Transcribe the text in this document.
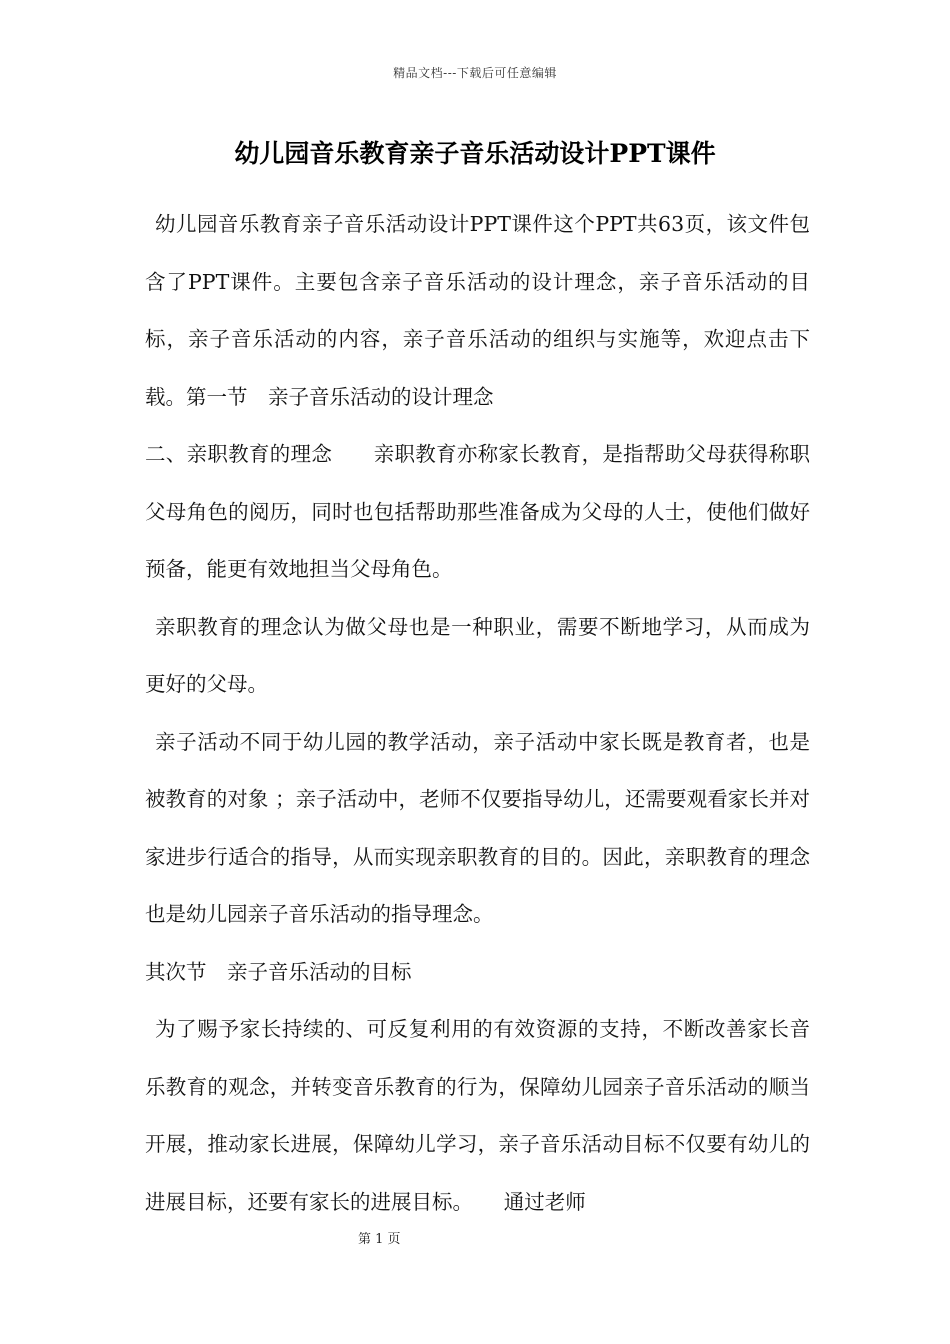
精品文档---下载后可任意编辑
幼儿园音乐教育亲子音乐活动设计PPT课件

幼儿园音乐教育亲子音乐活动设计PPT课件这个PPT共63页，该文件包含了PPT课件。主要包含亲子音乐活动的设计理念，亲子音乐活动的目标，亲子音乐活动的内容，亲子音乐活动的组织与实施等，欢迎点击下载。第一节　亲子音乐活动的设计理念

二、亲职教育的理念　　亲职教育亦称家长教育，是指帮助父母获得称职父母角色的阅历，同时也包括帮助那些准备成为父母的人士，使他们做好预备，能更有效地担当父母角色。

亲职教育的理念认为做父母也是一种职业，需要不断地学习，从而成为更好的父母。

亲子活动不同于幼儿园的教学活动，亲子活动中家长既是教育者，也是被教育的对象 ；亲子活动中，老师不仅要指导幼儿，还需要观看家长并对家进步行适合的指导，从而实现亲职教育的目的。因此，亲职教育的理念也是幼儿园亲子音乐活动的指导理念。

其次节　亲子音乐活动的目标

为了赐予家长持续的、可反复利用的有效资源的支持，不断改善家长音乐教育的观念，并转变音乐教育的行为，保障幼儿园亲子音乐活动的顺当开展，推动家长进展，保障幼儿学习，亲子音乐活动目标不仅要有幼儿的进展目标，还要有家长的进展目标。　　通过老师

第 1 页
